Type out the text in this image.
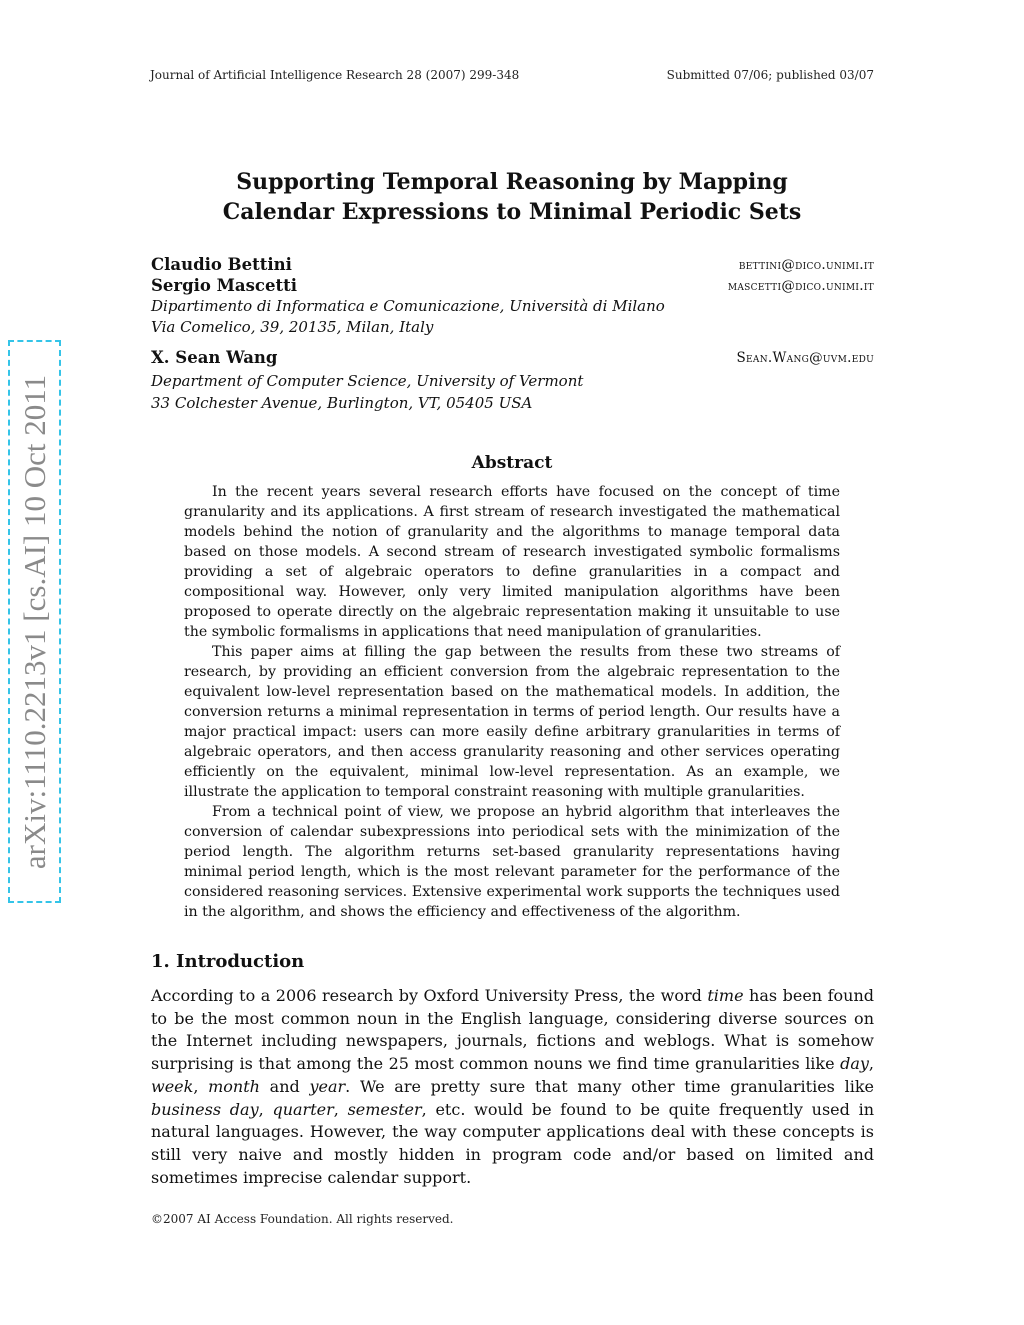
Journal of Artificial Intelligence Research 28 (2007) 299-348	Submitted 07/06; published 03/07
Supporting Temporal Reasoning by Mapping
Calendar Expressions to Minimal Periodic Sets
Claudio Bettini	bettini@dico.unimi.it
Sergio Mascetti	mascetti@dico.unimi.it
Dipartimento di Informatica e Comunicazione, Università di Milano
Via Comelico, 39, 20135, Milan, Italy
X. Sean Wang	Sean.Wang@uvm.edu
Department of Computer Science, University of Vermont
33 Colchester Avenue, Burlington, VT, 05405 USA
Abstract

In the recent years several research efforts have focused on the concept of time granularity and its applications. A first stream of research investigated the mathematical models behind the notion of granularity and the algorithms to manage temporal data based on those models. A second stream of research investigated symbolic formalisms providing a set of algebraic operators to define granularities in a compact and compositional way. However, only very limited manipulation algorithms have been proposed to operate directly on the algebraic representation making it unsuitable to use the symbolic formalisms in applications that need manipulation of granularities.

This paper aims at filling the gap between the results from these two streams of research, by providing an efficient conversion from the algebraic representation to the equivalent low-level representation based on the mathematical models. In addition, the conversion returns a minimal representation in terms of period length. Our results have a major practical impact: users can more easily define arbitrary granularities in terms of algebraic operators, and then access granularity reasoning and other services operating efficiently on the equivalent, minimal low-level representation. As an example, we illustrate the application to temporal constraint reasoning with multiple granularities.

From a technical point of view, we propose an hybrid algorithm that interleaves the conversion of calendar subexpressions into periodical sets with the minimization of the period length. The algorithm returns set-based granularity representations having minimal period length, which is the most relevant parameter for the performance of the considered reasoning services. Extensive experimental work supports the techniques used in the algorithm, and shows the efficiency and effectiveness of the algorithm.

1. Introduction

According to a 2006 research by Oxford University Press, the word time has been found to be the most common noun in the English language, considering diverse sources on the Internet including newspapers, journals, fictions and weblogs. What is somehow surprising is that among the 25 most common nouns we find time granularities like day, week, month and year. We are pretty sure that many other time granularities like business day, quarter, semester, etc. would be found to be quite frequently used in natural languages. However, the way computer applications deal with these concepts is still very naive and mostly hidden in program code and/or based on limited and sometimes imprecise calendar support.

©2007 AI Access Foundation. All rights reserved.
arXiv:1110.2213v1 [cs.AI] 10 Oct 2011
